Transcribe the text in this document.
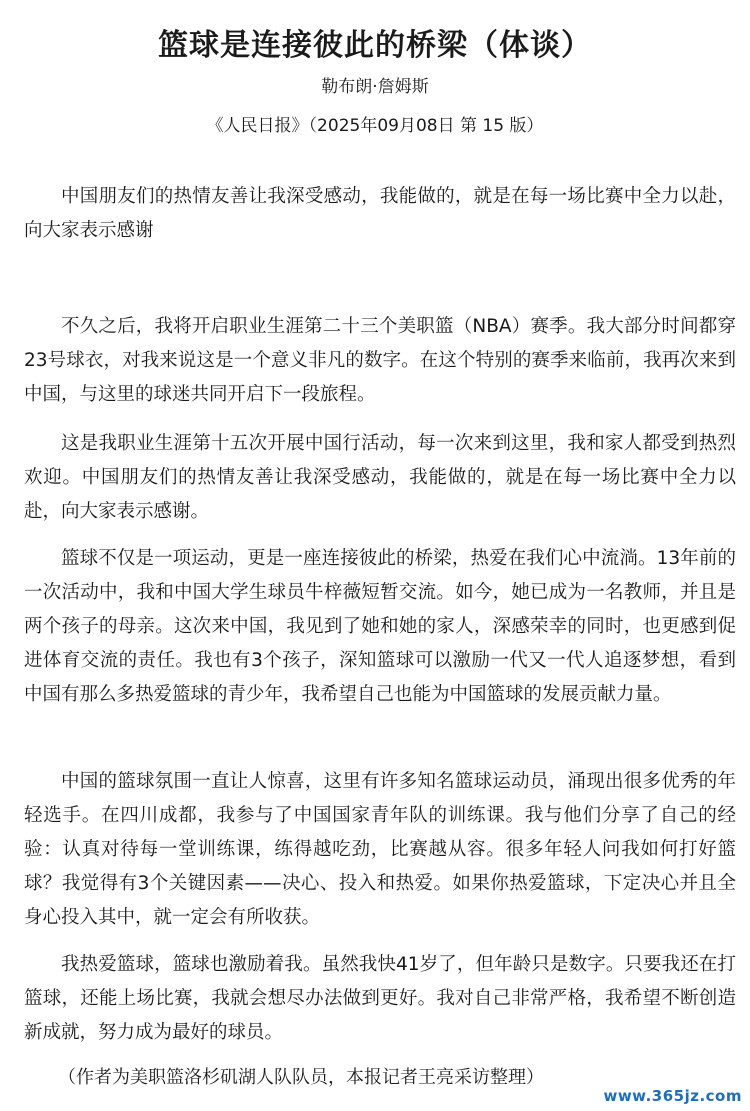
篮球是连接彼此的桥梁（体谈）
勒布朗·詹姆斯
《人民日报》（2025年09月08日 第 15 版）

中国朋友们的热情友善让我深受感动，我能做的，就是在每一场比赛中全力以赴，向大家表示感谢

不久之后，我将开启职业生涯第二十三个美职篮（NBA）赛季。我大部分时间都穿23号球衣，对我来说这是一个意义非凡的数字。在这个特别的赛季来临前，我再次来到中国，与这里的球迷共同开启下一段旅程。

这是我职业生涯第十五次开展中国行活动，每一次来到这里，我和家人都受到热烈欢迎。中国朋友们的热情友善让我深受感动，我能做的，就是在每一场比赛中全力以赴，向大家表示感谢。

篮球不仅是一项运动，更是一座连接彼此的桥梁，热爱在我们心中流淌。13年前的一次活动中，我和中国大学生球员牛梓薇短暂交流。如今，她已成为一名教师，并且是两个孩子的母亲。这次来中国，我见到了她和她的家人，深感荣幸的同时，也更感到促进体育交流的责任。我也有3个孩子，深知篮球可以激励一代又一代人追逐梦想，看到中国有那么多热爱篮球的青少年，我希望自己也能为中国篮球的发展贡献力量。

中国的篮球氛围一直让人惊喜，这里有许多知名篮球运动员，涌现出很多优秀的年轻选手。在四川成都，我参与了中国国家青年队的训练课。我与他们分享了自己的经验：认真对待每一堂训练课，练得越吃劲，比赛越从容。很多年轻人问我如何打好篮球？我觉得有3个关键因素——决心、投入和热爱。如果你热爱篮球，下定决心并且全身心投入其中，就一定会有所收获。

我热爱篮球，篮球也激励着我。虽然我快41岁了，但年龄只是数字。只要我还在打篮球，还能上场比赛，我就会想尽办法做到更好。我对自己非常严格，我希望不断创造新成就，努力成为最好的球员。

（作者为美职篮洛杉矶湖人队队员，本报记者王亮采访整理）
www.365jz.com
